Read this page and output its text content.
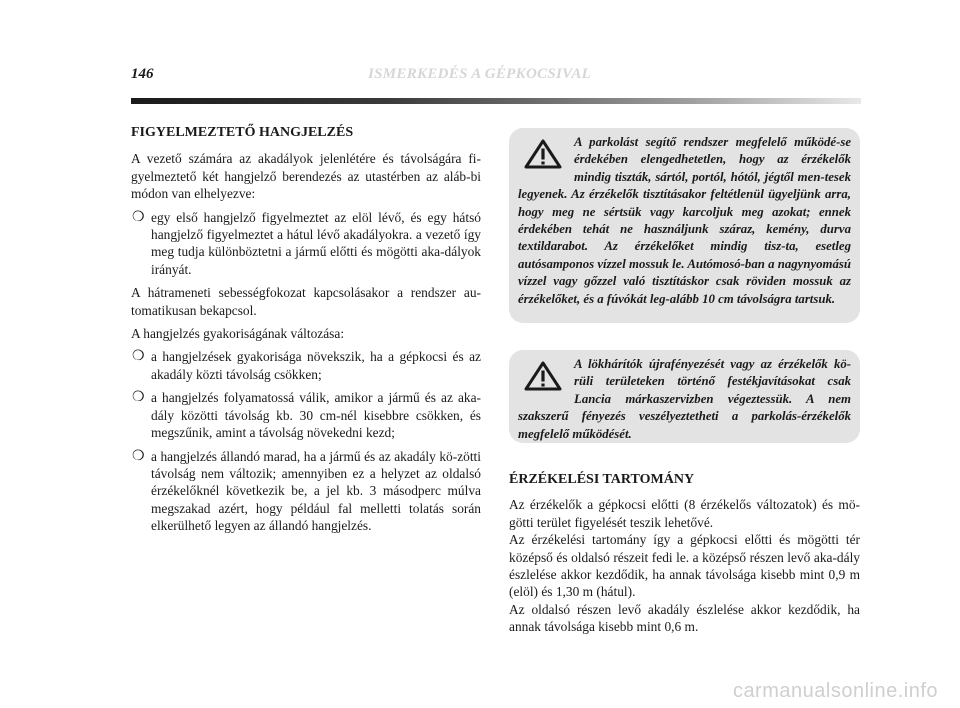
146	ISMERKEDÉS A GÉPKOCSIVAL
FIGYELMEZTETŐ HANGJELZÉS

A vezető számára az akadályok jelenlétére és távolságára fi-gyelmeztető két hangjelző berendezés az utastérben az aláb-bi módon van elhelyezve:

❍ egy első hangjelző figyelmeztet az elöl lévő, és egy hátsó hangjelző figyelmeztet a hátul lévő akadályokra. a vezető így meg tudja különböztetni a jármű előtti és mögötti aka-dályok irányát.

A hátrameneti sebességfokozat kapcsolásakor a rendszer au-tomatikusan bekapcsol.

A hangjelzés gyakoriságának változása:

❍ a hangjelzések gyakorisága növekszik, ha a gépkocsi és az akadály közti távolság csökken;
❍ a hangjelzés folyamatossá válik, amikor a jármű és az aka-dály közötti távolság kb. 30 cm-nél kisebbre csökken, és megszűnik, amint a távolság növekedni kezd;
❍ a hangjelzés állandó marad, ha a jármű és az akadály kö-zötti távolság nem változik; amennyiben ez a helyzet az oldalsó érzékelőknél következik be, a jel kb. 3 másodperc múlva megszakad azért, hogy például fal melletti tolatás során elkerülhető legyen az állandó hangjelzés.
A parkolást segítő rendszer megfelelő működé-se érdekében elengedhetetlen, hogy az érzékelők mindig tiszták, sártól, portól, hótól, jégtől men-tesek legyenek. Az érzékelők tisztításakor feltétlenül ügyeljünk arra, hogy meg ne sértsük vagy karcoljuk meg azokat; ennek érdekében tehát ne használjunk száraz, kemény, durva textildarabot. Az érzékelőket mindig tisz-ta, esetleg autósamponos vízzel mossuk le. Autómosó-ban a nagynyomású vízzel vagy gőzzel való tisztításkor csak röviden mossuk az érzékelőket, és a fúvókát leg-alább 10 cm távolságra tartsuk.
A lökhárítók újrafényezését vagy az érzékelők kö-rüli területeken történő festékjavításokat csak Lancia márkaszervizben végeztessük. A nem szakszerű fényezés veszélyeztetheti a parkolás-érzékelők megfelelő működését.
ÉRZÉKELÉSI TARTOMÁNY

Az érzékelők a gépkocsi előtti (8 érzékelős változatok) és mö-götti terület figyelését teszik lehetővé.

Az érzékelési tartomány így a gépkocsi előtti és mögötti tér középső és oldalsó részeit fedi le. a középső részen levő aka-dály észlelése akkor kezdődik, ha annak távolsága kisebb mint 0,9 m (elöl) és 1,30 m (hátul).

Az oldalsó részen levő akadály észlelése akkor kezdődik, ha annak távolsága kisebb mint 0,6 m.

carmanualsonline.info
